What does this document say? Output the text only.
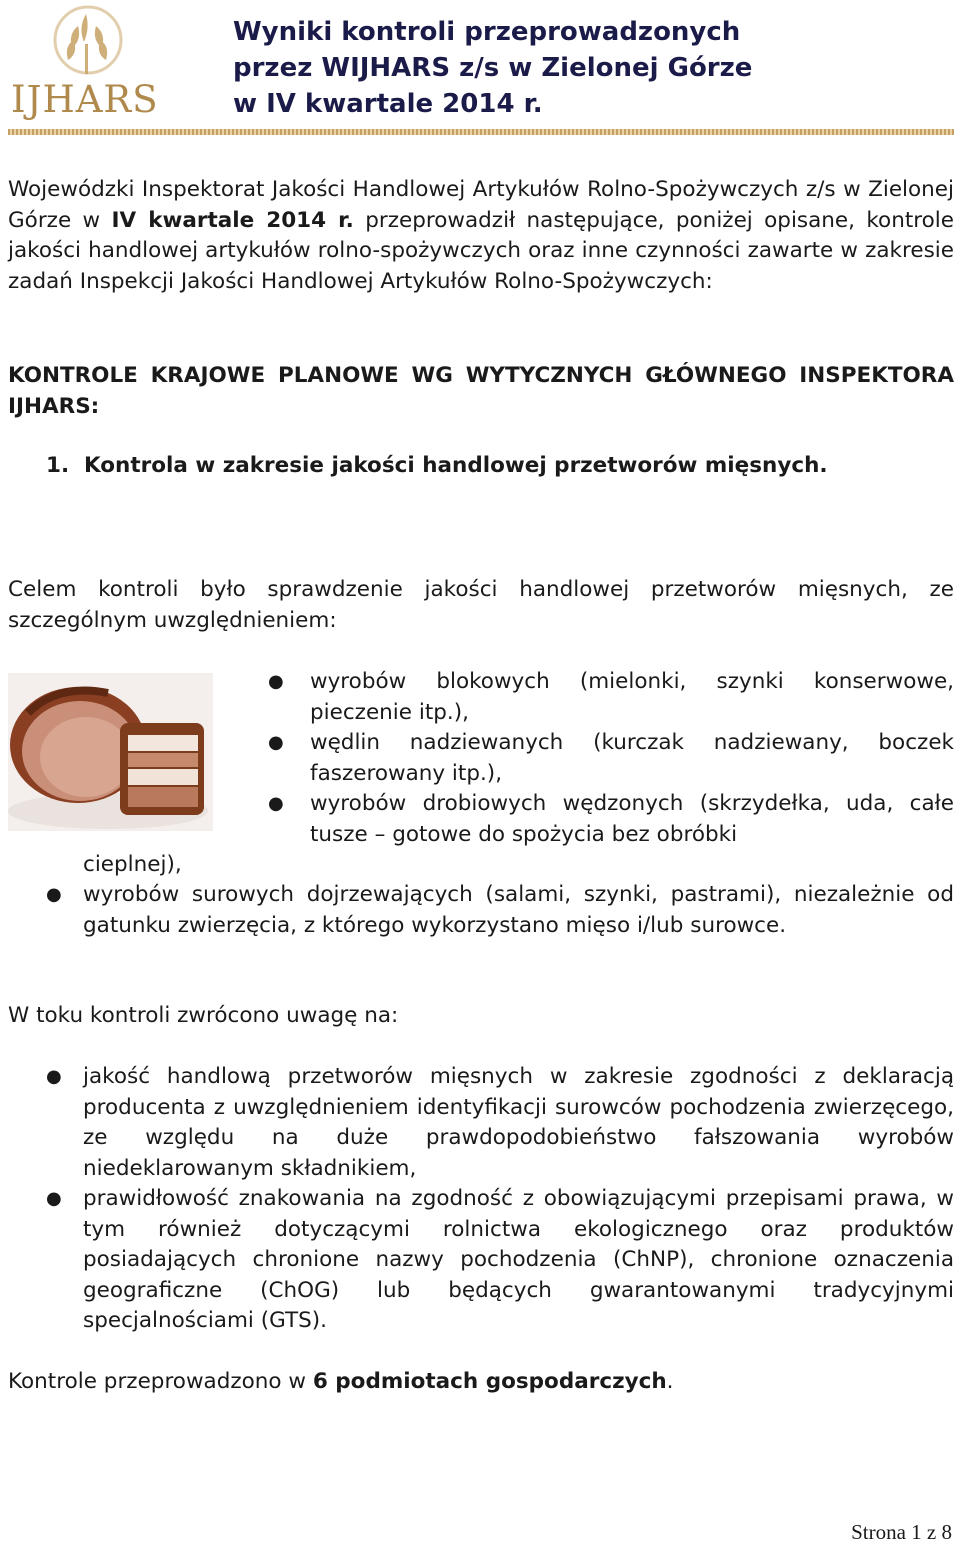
IJHARS
Wyniki kontroli przeprowadzonych
przez WIJHARS z/s w Zielonej Górze
w IV kwartale 2014 r.
Wojewódzki Inspektorat Jakości Handlowej Artykułów Rolno-Spożywczych z/s w Zielonej Górze w IV kwartale 2014 r. przeprowadził następujące, poniżej opisane, kontrole jakości handlowej artykułów rolno-spożywczych oraz inne czynności zawarte w zakresie zadań Inspekcji Jakości Handlowej Artykułów Rolno-Spożywczych:
KONTROLE KRAJOWE PLANOWE WG WYTYCZNYCH GŁÓWNEGO INSPEKTORA IJHARS:
1. Kontrola w zakresie jakości handlowej przetworów mięsnych.
Celem kontroli było sprawdzenie jakości handlowej przetworów mięsnych, ze szczególnym uwzględnieniem:
● wyrobów blokowych (mielonki, szynki konserwowe, pieczenie itp.),
● wędlin nadziewanych (kurczak nadziewany, boczek faszerowany itp.),
● wyrobów drobiowych wędzonych (skrzydełka, uda, całe tusze – gotowe do spożycia bez obróbki
cieplnej),
● wyrobów surowych dojrzewających (salami, szynki, pastrami), niezależnie od gatunku zwierzęcia, z którego wykorzystano mięso i/lub surowce.
W toku kontroli zwrócono uwagę na:
● jakość handlową przetworów mięsnych w zakresie zgodności z deklaracją producenta z uwzględnieniem identyfikacji surowców pochodzenia zwierzęcego, ze względu na duże prawdopodobieństwo fałszowania wyrobów niedeklarowanym składnikiem,
● prawidłowość znakowania na zgodność z obowiązującymi przepisami prawa, w tym również dotyczącymi rolnictwa ekologicznego oraz produktów posiadających chronione nazwy pochodzenia (ChNP), chronione oznaczenia geograficzne (ChOG) lub będących gwarantowanymi tradycyjnymi specjalnościami (GTS).
Kontrole przeprowadzono w 6 podmiotach gospodarczych.
Strona 1 z 8
